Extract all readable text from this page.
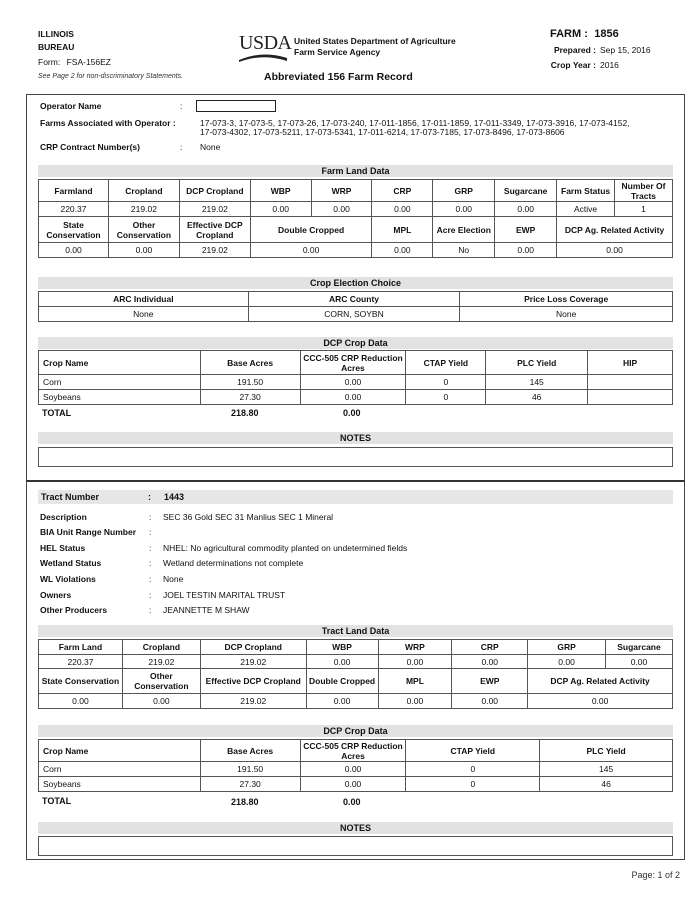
ILLINOIS
BUREAU
Form: FSA-156EZ
See Page 2 for non-discriminatory Statements.
USDA United States Department of Agriculture
Farm Service Agency
Abbreviated 156 Farm Record
FARM : 1856
Prepared : Sep 15, 2016
Crop Year : 2016
Operator Name	:
Farms Associated with Operator :	17-073-3, 17-073-5, 17-073-26, 17-073-240, 17-011-1856, 17-011-1859, 17-011-3349, 17-073-3916, 17-073-4152,
17-073-4302, 17-073-5211, 17-073-5341, 17-011-6214, 17-073-7185, 17-073-8496, 17-073-8606
CRP Contract Number(s)	: None
Farm Land Data
Farmland	Cropland	DCP Cropland	WBP	WRP	CRP	GRP	Sugarcane	Farm Status	Number Of Tracts
220.37	219.02	219.02	0.00	0.00	0.00	0.00	0.00	Active	1
State Conservation	Other Conservation	Effective DCP Cropland	Double Cropped		MPL	Acre Election	EWP	DCP Ag. Related Activity	
0.00	0.00	219.02	0.00		0.00	No	0.00	0.00	
Crop Election Choice
ARC Individual	ARC County	Price Loss Coverage
None	CORN, SOYBN	None
DCP Crop Data
Crop Name	Base Acres	CCC-505 CRP Reduction Acres	CTAP Yield	PLC Yield	HIP
Corn	191.50	0.00	0	145	
Soybeans	27.30	0.00	0	46	
TOTAL	218.80	0.00
NOTES
Tract Number	: 1443
Description	: SEC 36 Gold SEC 31 Manlius SEC 1 Mineral
BIA Unit Range Number :
HEL Status	: NHEL: No agricultural commodity planted on undetermined fields
Wetland Status	: Wetland determinations not complete
WL Violations	: None
Owners	: JOEL TESTIN MARITAL TRUST
Other Producers	: JEANNETTE M SHAW
Tract Land Data
Farm Land	Cropland	DCP Cropland	WBP	WRP	CRP	GRP	Sugarcane
220.37	219.02	219.02	0.00	0.00	0.00	0.00	0.00
State Conservation	Other Conservation	Effective DCP Cropland	Double Cropped	MPL	EWP	DCP Ag. Related Activity	
0.00	0.00	219.02	0.00	0.00	0.00	0.00	
DCP Crop Data
Crop Name	Base Acres	CCC-505 CRP Reduction Acres	CTAP Yield	PLC Yield
Corn	191.50	0.00	0	145
Soybeans	27.30	0.00	0	46
TOTAL	218.80	0.00
NOTES
Page: 1 of 2
